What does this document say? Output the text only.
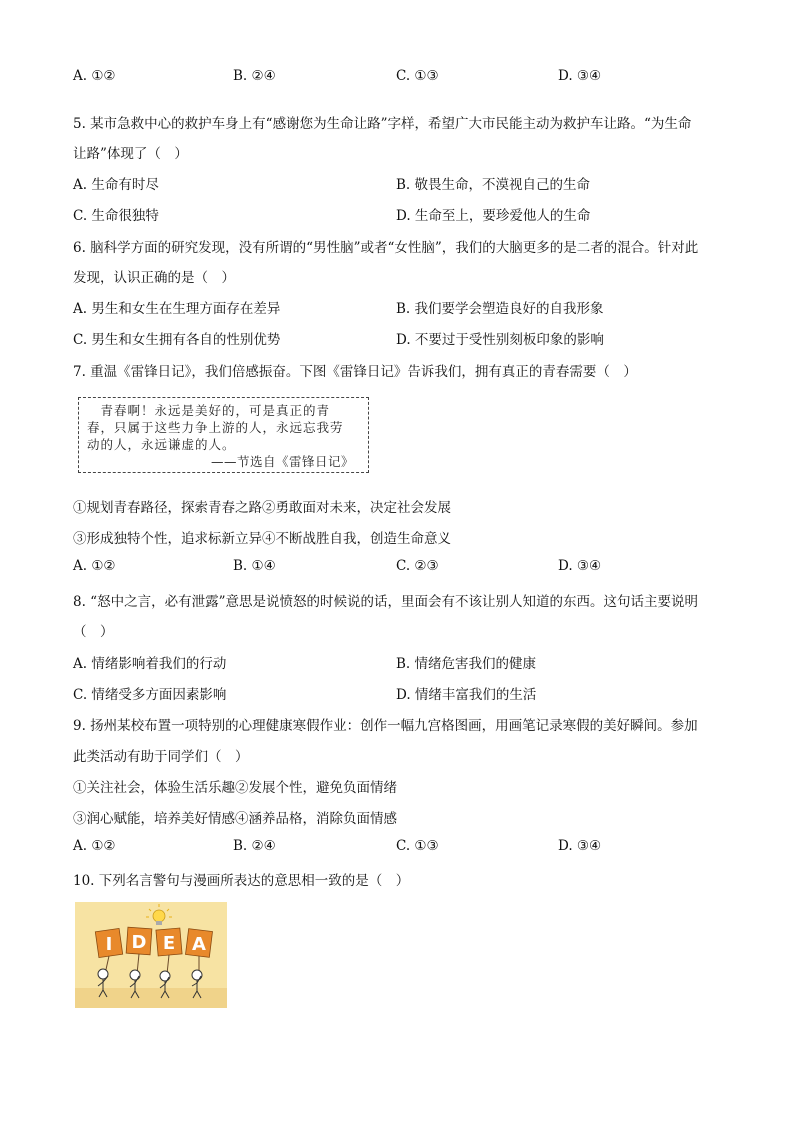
A. ①②	B. ②④	C. ①③	D. ③④
5. 某市急救中心的救护车身上有“感谢您为生命让路”字样，希望广大市民能主动为救护车让路。“为生命
让路”体现了（　）
A. 生命有时尽	B. 敬畏生命，不漠视自己的生命
C. 生命很独特	D. 生命至上，要珍爱他人的生命
6. 脑科学方面的研究发现，没有所谓的“男性脑”或者“女性脑”，我们的大脑更多的是二者的混合。针对此
发现，认识正确的是（　）
A. 男生和女生在生理方面存在差异	B. 我们要学会塑造良好的自我形象
C. 男生和女生拥有各自的性别优势	D. 不要过于受性别刻板印象的影响
7. 重温《雷锋日记》，我们倍感振奋。下图《雷锋日记》告诉我们，拥有真正的青春需要（　）
　青春啊！永远是美好的，可是真正的青
春，只属于这些力争上游的人，永远忘我劳
动的人，永远谦虚的人。
——节选自《雷锋日记》
①规划青春路径，探索青春之路②勇敢面对未来，决定社会发展
③形成独特个性，追求标新立异④不断战胜自我，创造生命意义
A. ①②	B. ①④	C. ②③	D. ③④
8. “怒中之言，必有泄露”意思是说愤怒的时候说的话，里面会有不该让别人知道的东西。这句话主要说明
（　）
A. 情绪影响着我们的行动	B. 情绪危害我们的健康
C. 情绪受多方面因素影响	D. 情绪丰富我们的生活
9. 扬州某校布置一项特别的心理健康寒假作业：创作一幅九宫格图画，用画笔记录寒假的美好瞬间。参加
此类活动有助于同学们（　）
①关注社会，体验生活乐趣②发展个性，避免负面情绪
③润心赋能，培养美好情感④涵养品格，消除负面情感
A. ①②	B. ②④	C. ①③	D. ③④
10. 下列名言警句与漫画所表达的意思相一致的是（　）
I D E A
